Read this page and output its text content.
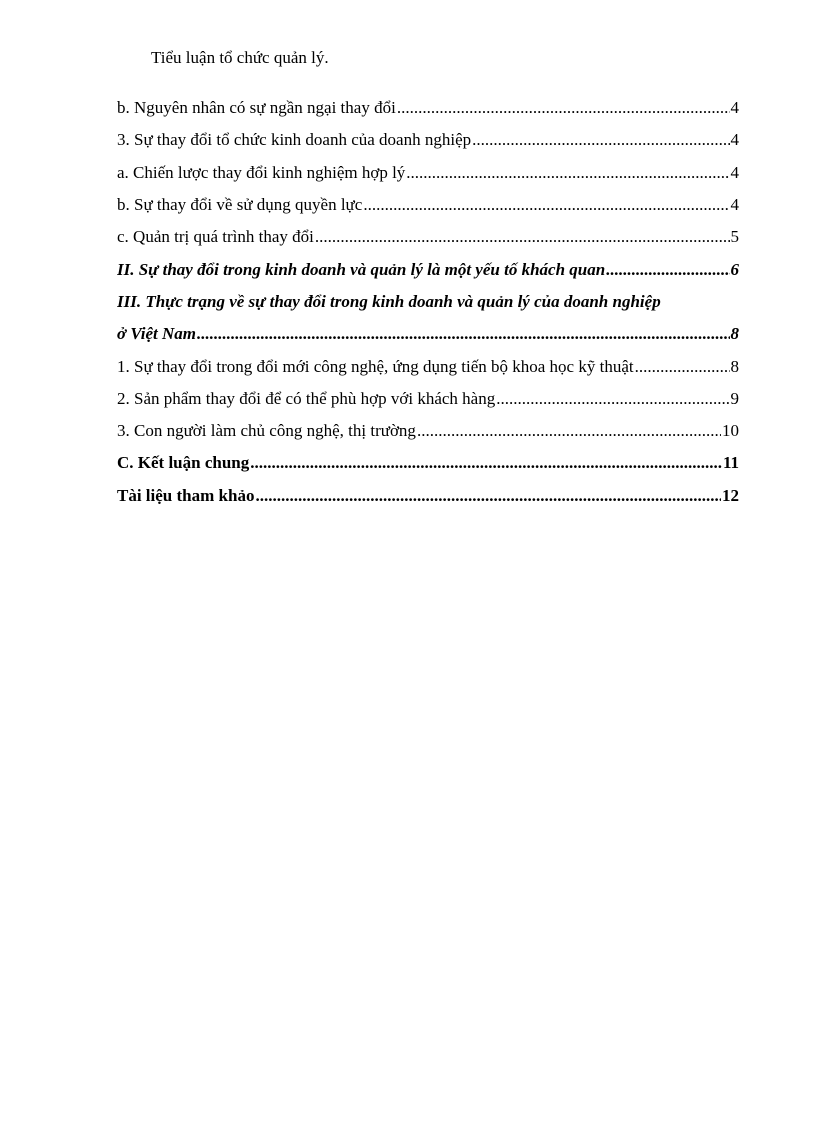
Tiểu luận tổ chức quản lý.
b. Nguyên nhân có sự ngần ngại thay đổi .....	4
3. Sự thay đổi tổ chức kinh doanh của doanh nghiệp .....	4
a. Chiến lược thay đổi kinh nghiệm hợp lý .....	4
b. Sự thay đổi về sử dụng quyền lực .....	4
c. Quản trị quá trình thay đổi .....	5
II. Sự thay đổi trong kinh doanh và quản lý là một yếu tố khách quan .....	6
III. Thực trạng về sự thay đổi trong kinh doanh và quản lý của doanh nghiệp
ở Việt Nam .....	8
1. Sự thay đổi trong đổi mới công nghệ, ứng dụng tiến bộ khoa học kỹ thuật .....	8
2. Sản phẩm thay đổi để có thể phù hợp với khách hàng .....	9
3. Con người làm chủ công nghệ, thị trường .....	10
C. Kết luận chung .....	11
Tài liệu tham khảo .....	12
